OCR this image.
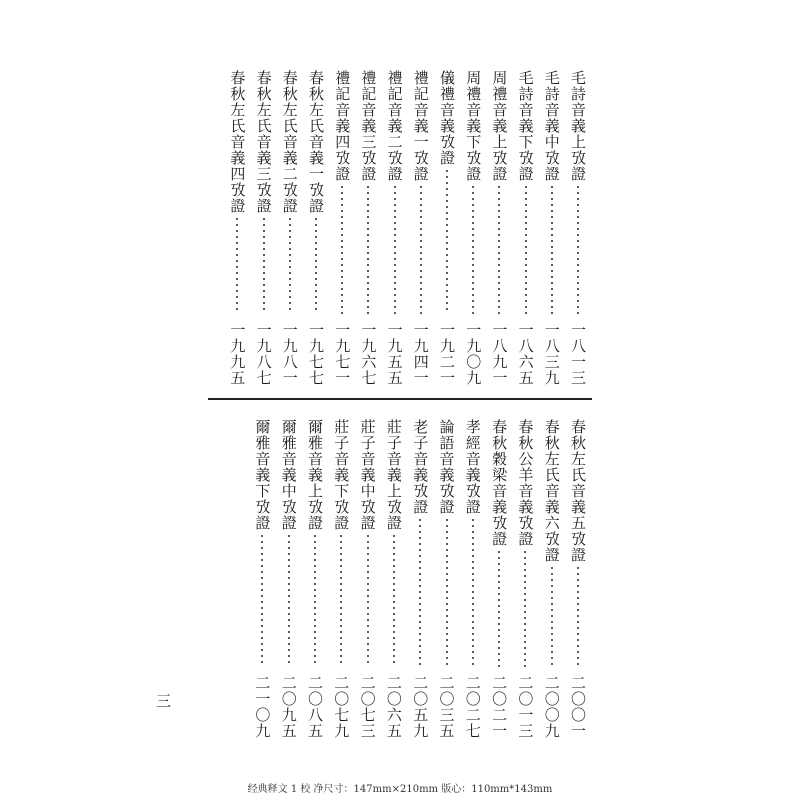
毛詩音義上攷證
一八一三
毛詩音義中攷證
一八三九
毛詩音義下攷證
一八六五
周禮音義上攷證
一八九一
周禮音義下攷證
一九〇九
儀禮音義攷證
一九二一
禮記音義一攷證
一九四一
禮記音義二攷證
一九五五
禮記音義三攷證
一九六七
禮記音義四攷證
一九七一
春秋左氏音義一攷證
一九七七
春秋左氏音義二攷證
一九八一
春秋左氏音義三攷證
一九八七
春秋左氏音義四攷證
一九九五
春秋左氏音義五攷證
二〇〇一
春秋左氏音義六攷證
二〇〇九
春秋公羊音義攷證
二〇一三
春秋穀梁音義攷證
二〇二一
孝經音義攷證
二〇二七
論語音義攷證
二〇三五
老子音義攷證
二〇五九
莊子音義上攷證
二〇六五
莊子音義中攷證
二〇七三
莊子音義下攷證
二〇七九
爾雅音義上攷證
二〇八五
爾雅音義中攷證
二〇九五
爾雅音義下攷證
二一〇九
三
经典释文 1 校 净尺寸：147mm×210mm 版心：110mm*143mm
